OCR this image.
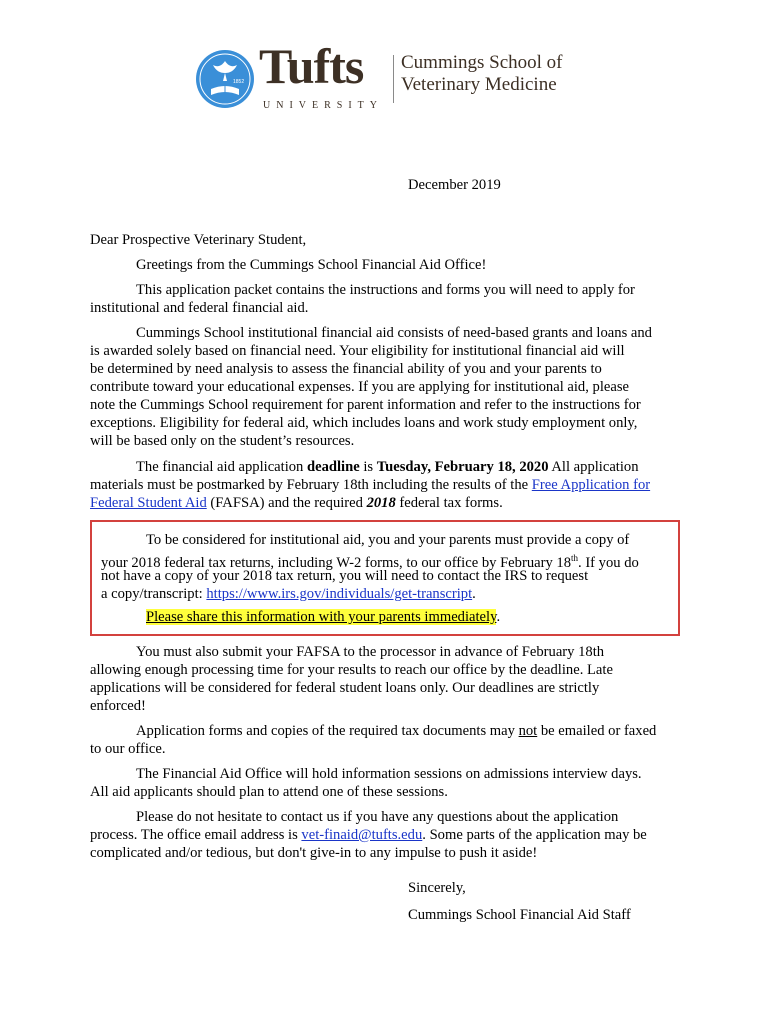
1852 Tufts
UNIVERSITY
Cummings School of
Veterinary Medicine
December 2019
Dear Prospective Veterinary Student,
Greetings from the Cummings School Financial Aid Office!
This application packet contains the instructions and forms you will need to apply for
institutional and federal financial aid.
Cummings School institutional financial aid consists of need-based grants and loans and
is awarded solely based on financial need. Your eligibility for institutional financial aid will
be determined by need analysis to assess the financial ability of you and your parents to
contribute toward your educational expenses. If you are applying for institutional aid, please
note the Cummings School requirement for parent information and refer to the instructions for
exceptions. Eligibility for federal aid, which includes loans and work study employment only,
will be based only on the student’s resources.
The financial aid application deadline is Tuesday, February 18, 2020 All application
materials must be postmarked by February 18th including the results of the Free Application for
Federal Student Aid (FAFSA) and the required 2018 federal tax forms.
To be considered for institutional aid, you and your parents must provide a copy of
your 2018 federal tax returns, including W-2 forms, to our office by February 18th. If you do
not have a copy of your 2018 tax return, you will need to contact the IRS to request
a copy/transcript: https://www.irs.gov/individuals/get-transcript.
Please share this information with your parents immediately.
You must also submit your FAFSA to the processor in advance of February 18th
allowing enough processing time for your results to reach our office by the deadline. Late
applications will be considered for federal student loans only. Our deadlines are strictly
enforced!
Application forms and copies of the required tax documents may not be emailed or faxed
to our office.
The Financial Aid Office will hold information sessions on admissions interview days.
All aid applicants should plan to attend one of these sessions.
Please do not hesitate to contact us if you have any questions about the application
process. The office email address is vet-finaid@tufts.edu. Some parts of the application may be
complicated and/or tedious, but don't give-in to any impulse to push it aside!
Sincerely,
Cummings School Financial Aid Staff
